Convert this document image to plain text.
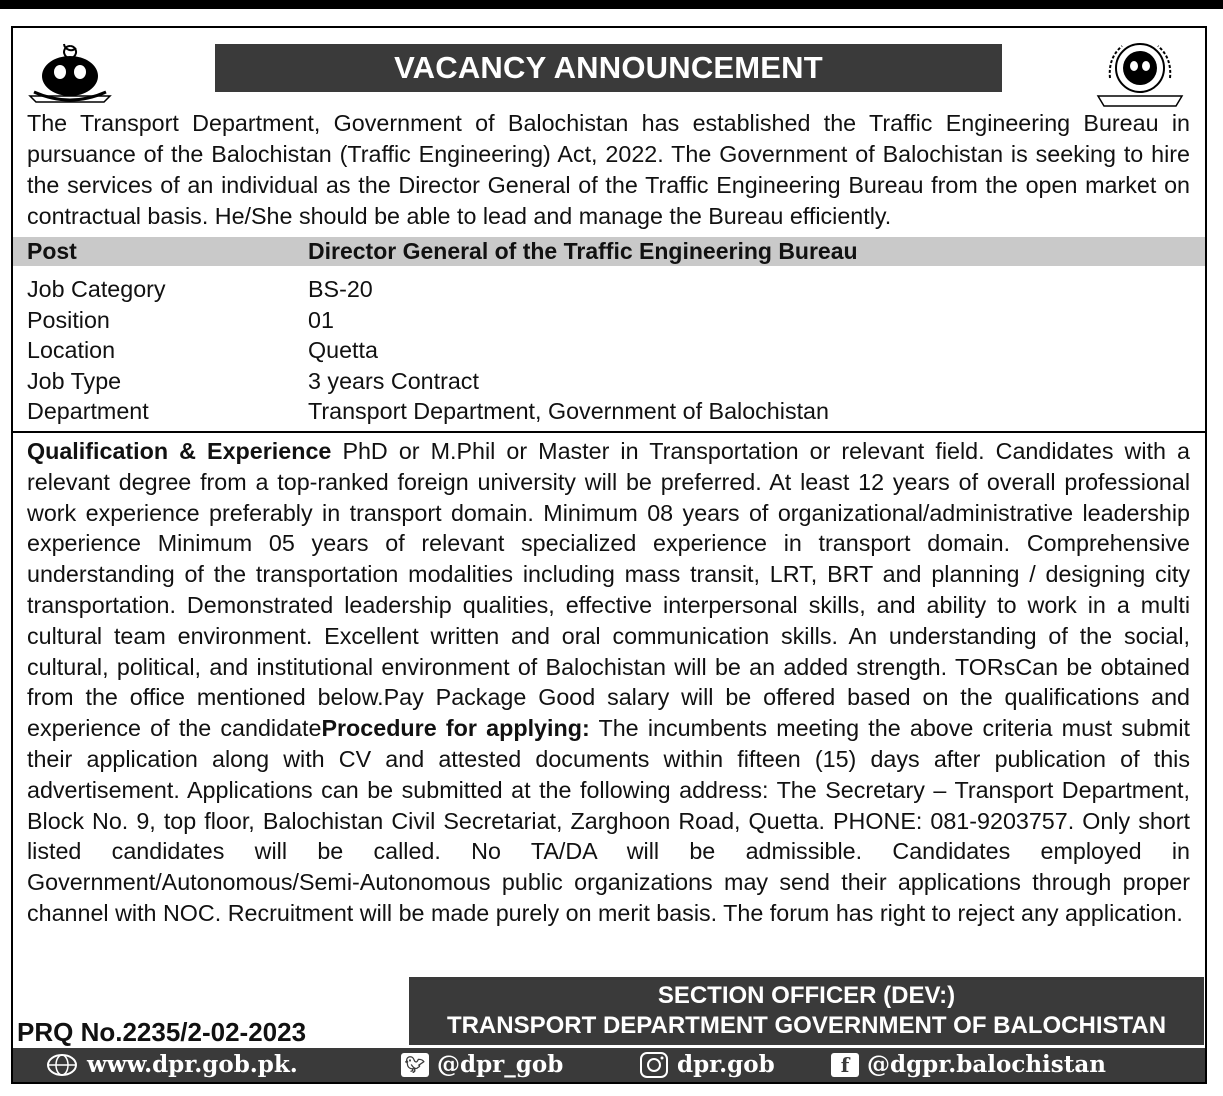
VACANCY ANNOUNCEMENT
The Transport Department, Government of Balochistan has established the Traffic Engineering Bureau in pursuance of the Balochistan (Traffic Engineering) Act, 2022. The Government of Balochistan is seeking to hire the services of an individual as the Director General of the Traffic Engineering Bureau from the open market on contractual basis. He/She should be able to lead and manage the Bureau efficiently.
Post	Director General of the Traffic Engineering Bureau
Job Category	BS-20
Position	01
Location	Quetta
Job Type	3 years Contract
Department	Transport Department, Government of Balochistan
Qualification & Experience PhD or M.Phil or Master in Transportation or relevant field. Candidates with a relevant degree from a top-ranked foreign university will be preferred. At least 12 years of overall professional work experience preferably in transport domain. Minimum 08 years of organizational/administrative leadership experience Minimum 05 years of relevant specialized experience in transport domain. Comprehensive understanding of the transportation modalities including mass transit, LRT, BRT and planning / designing city transportation. Demonstrated leadership qualities, effective interpersonal skills, and ability to work in a multi cultural team environment. Excellent written and oral communication skills. An understanding of the social, cultural, political, and institutional environment of Balochistan will be an added strength. TORsCan be obtained from the office mentioned below.Pay Package Good salary will be offered based on the qualifications and experience of the candidateProcedure for applying: The incumbents meeting the above criteria must submit their application along with CV and attested documents within fifteen (15) days after publication of this advertisement. Applications can be submitted at the following address: The Secretary – Transport Department, Block No. 9, top floor, Balochistan Civil Secretariat, Zarghoon Road, Quetta. PHONE: 081-9203757. Only short listed candidates will be called. No TA/DA will be admissible. Candidates employed in Government/Autonomous/Semi-Autonomous public organizations may send their applications through proper channel with NOC. Recruitment will be made purely on merit basis. The forum has right to reject any application.
SECTION OFFICER (DEV:)
TRANSPORT DEPARTMENT GOVERNMENT OF BALOCHISTAN
PRQ No.2235/2-02-2023
www.dpr.gob.pk.	🐦︎ @dpr_gob	dpr.gob	f @dgpr.balochistan
